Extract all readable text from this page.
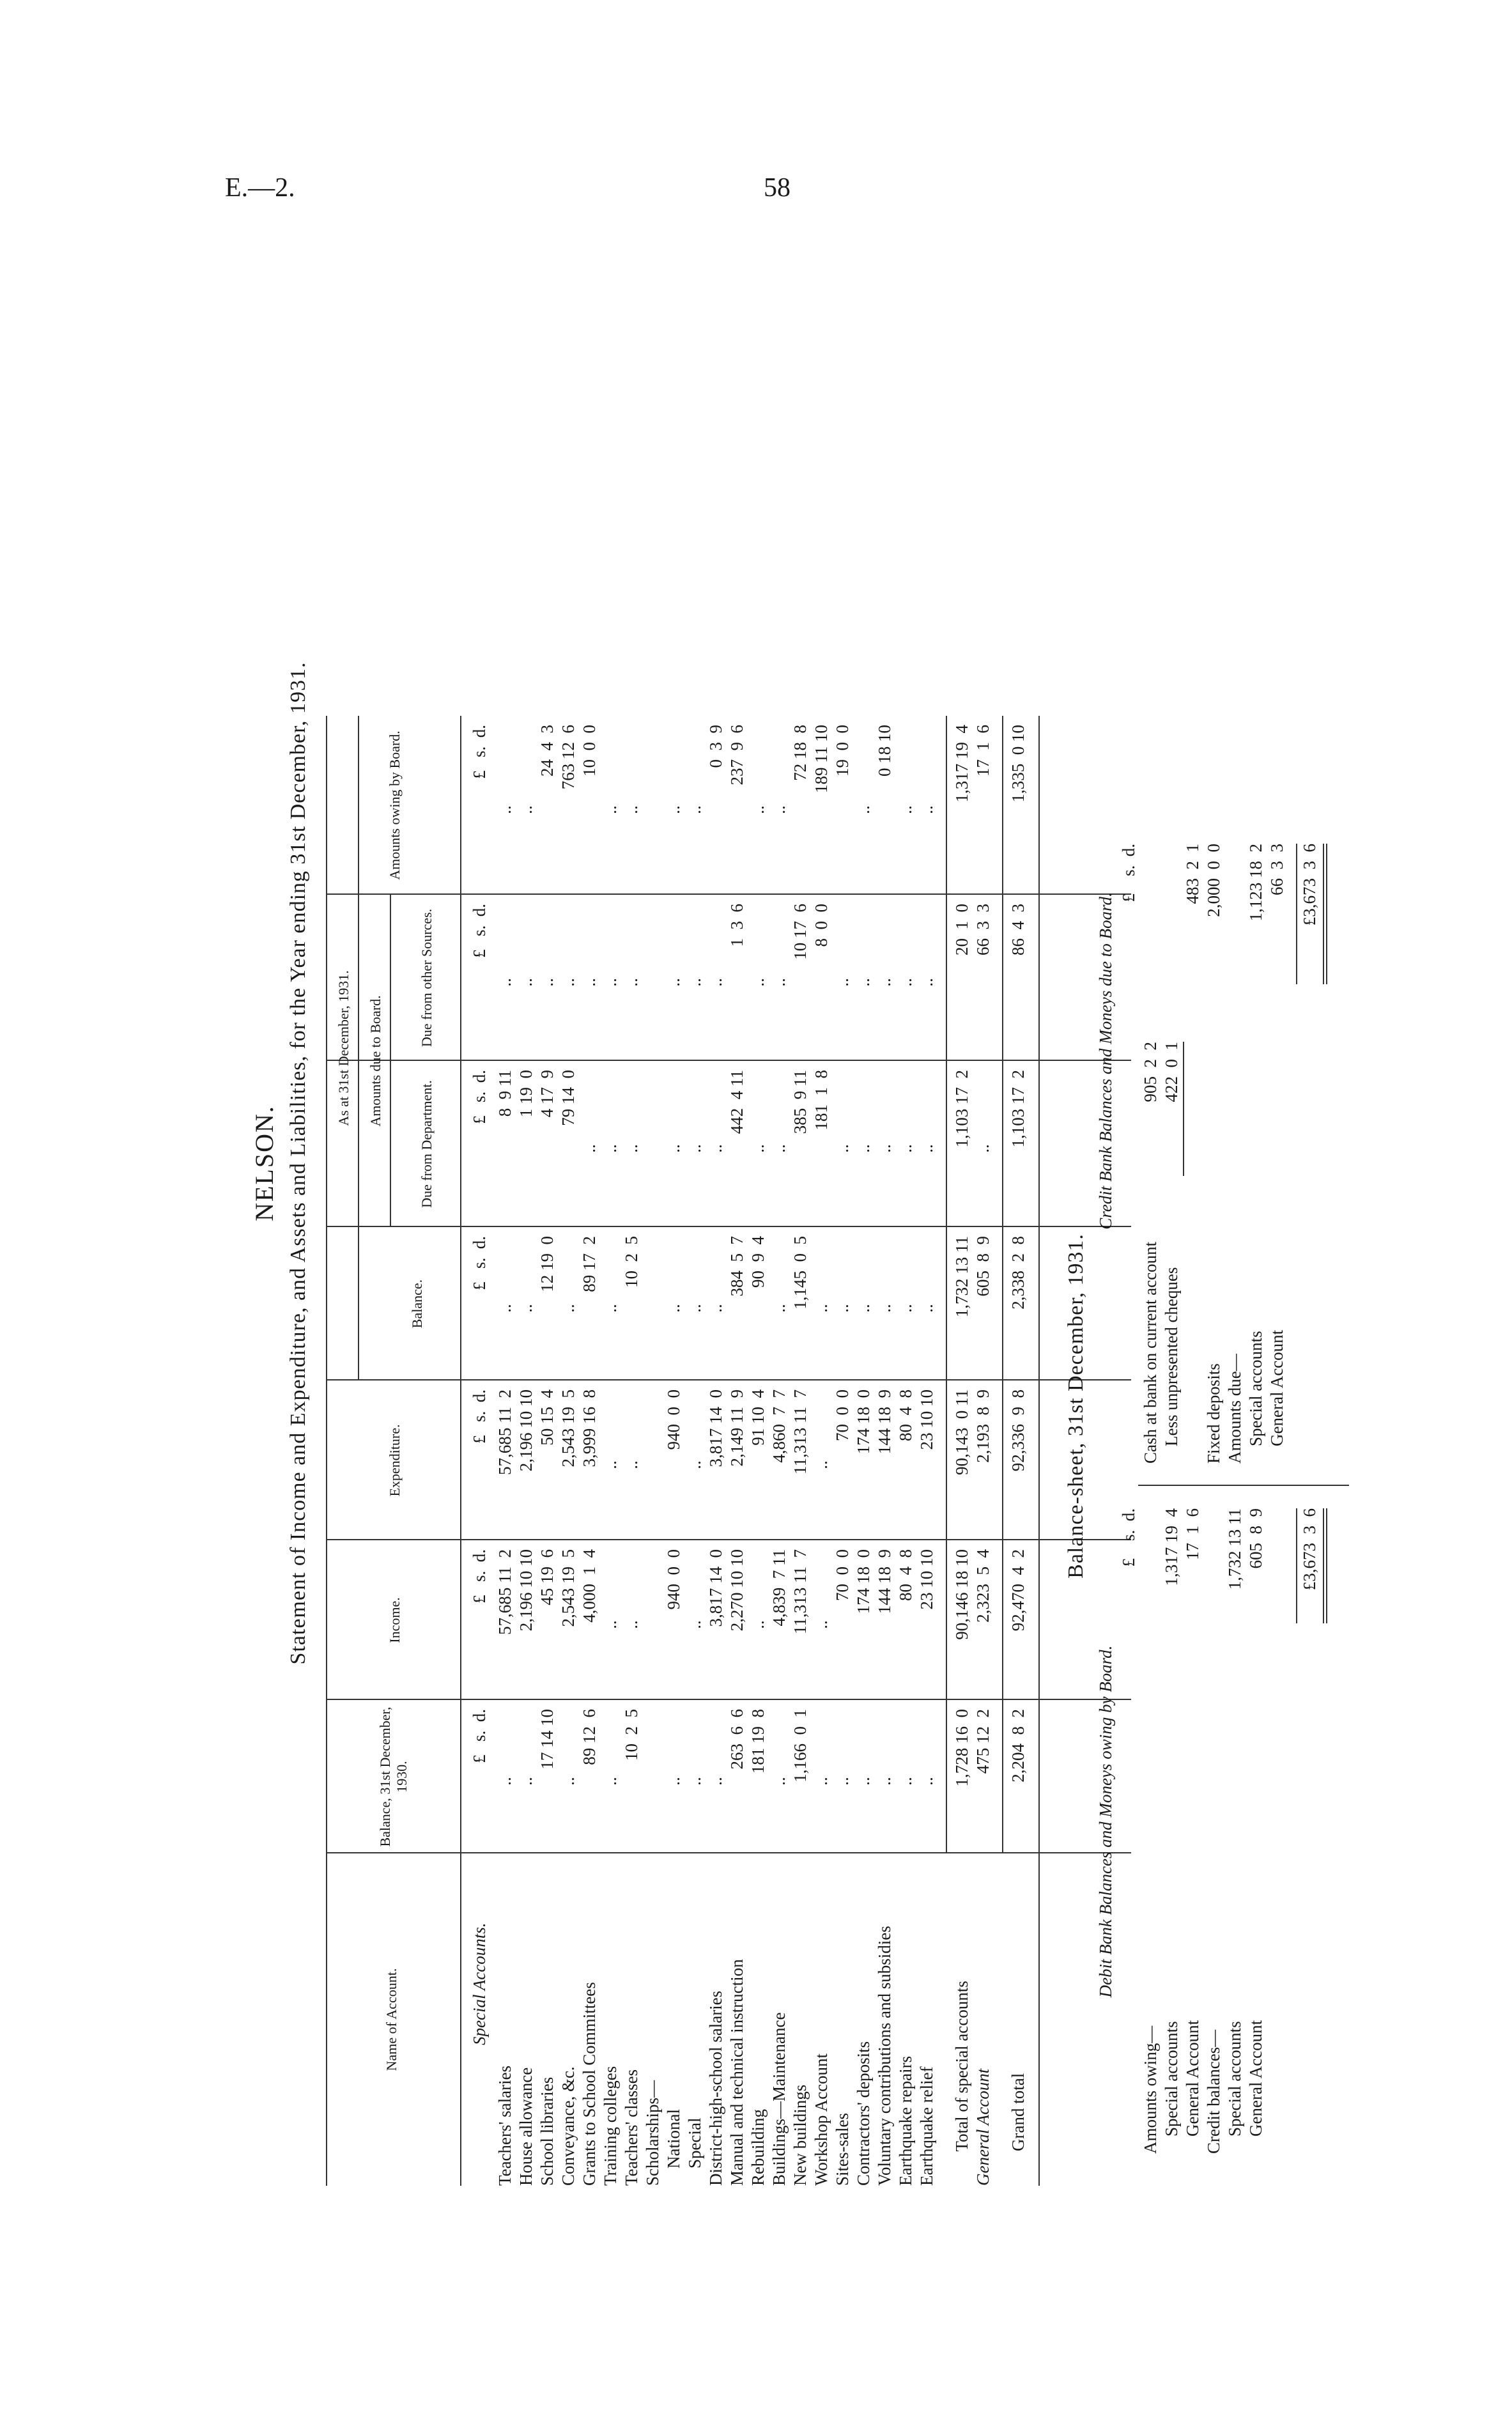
E.—2.	58
NELSON. Statement of Income and Expenditure, and Assets and Liabilities, for the Year ending 31st December, 1931.
Name of Account.
Balance, 31st December, 1930.
Income.
Expenditure.
As at 31st December, 1931.
Balance.
Amounts due to Board.
Due from Department.
Due from other Sources.
Amounts owing by Board.
£   s.  d.
£   s.  d.
£   s.  d.
£   s.  d.
£   s.  d.
£   s.  d.
£   s.  d.
Special Accounts.
Teachers' salaries
..
57,685 11  2
57,685 11  2
..
8  9 11
..
..
House allowance
..
2,196 10 10
2,196 10 10
..
1 19  0
..
..
School libraries
17 14 10
45 19  6
50 15  4
12 19  0
4 17  9
..
24  4  3
Conveyance, &c.
..
2,543 19  5
2,543 19  5
..
79 14  0
..
763 12  6
Grants to School Committees
89 12  6
4,000  1  4
3,999 16  8
89 17  2
..
..
10  0  0
Training colleges
..
..
..
..
..
..
..
Teachers' classes
10  2  5
..
..
10  2  5
..
..
..
Scholarships— National
..
940  0  0
940  0  0
..
..
..
..
Special
..
..
..
..
..
..
..
District-high-school salaries
..
3,817 14  0
3,817 14  0
..
..
..
0  3  9
Manual and technical instruction
263  6  6
2,270 10 10
2,149 11  9
384  5  7
442  4 11
1  3  6
237  9  6
Rebuilding
181 19  8
..
91 10  4
90  9  4
..
..
..
Buildings—Maintenance
..
4,839  7 11
4,860  7  7
..
..
..
..
New buildings
1,166  0  1
11,313 11  7
11,313 11  7
1,145  0  5
385  9 11
10 17  6
72 18  8
Workshop Account
..
..
..
..
181  1  8
8  0  0
189 11 10
Sites-sales
..
70  0  0
70  0  0
..
..
..
19  0  0
Contractors' deposits
..
174 18  0
174 18  0
..
..
..
..
Voluntary contributions and subsidies
..
144 18  9
144 18  9
..
..
..
0 18 10
Earthquake repairs
..
80  4  8
80  4  8
..
..
..
..
Earthquake relief
..
23 10 10
23 10 10
..
..
..
..
Total of special accounts
1,728 16  0
90,146 18 10
90,143  0 11
1,732 13 11
1,103 17  2
20  1  0
1,317 19  4
General Account
475 12  2
2,323  5  4
2,193  8  9
605  8  9
..
66  3  3
17  1  6
Grand total
2,204  8  2
92,470  4  2
92,336  9  8
2,338  2  8
1,103 17  2
86  4  3
1,335  0 10
Balance-sheet, 31st December, 1931.
Debit Bank Balances and Moneys owing by Board.
Credit Bank Balances and Moneys due to Board.
£    s.  d.
£    s.  d.
Amounts owing— Special accounts
1,317 19  4
General Account
17  1  6
Credit balances— Special accounts
1,732 13 11
General Account
605  8  9
Cash at bank on current account
905  2  2
Less unpresented cheques
422  0  1
483  2  1
Fixed deposits
2,000  0  0
Amounts due— Special accounts
1,123 18  2
General Account
66  3  3
£3,673  3  6
£3,673  3  6
